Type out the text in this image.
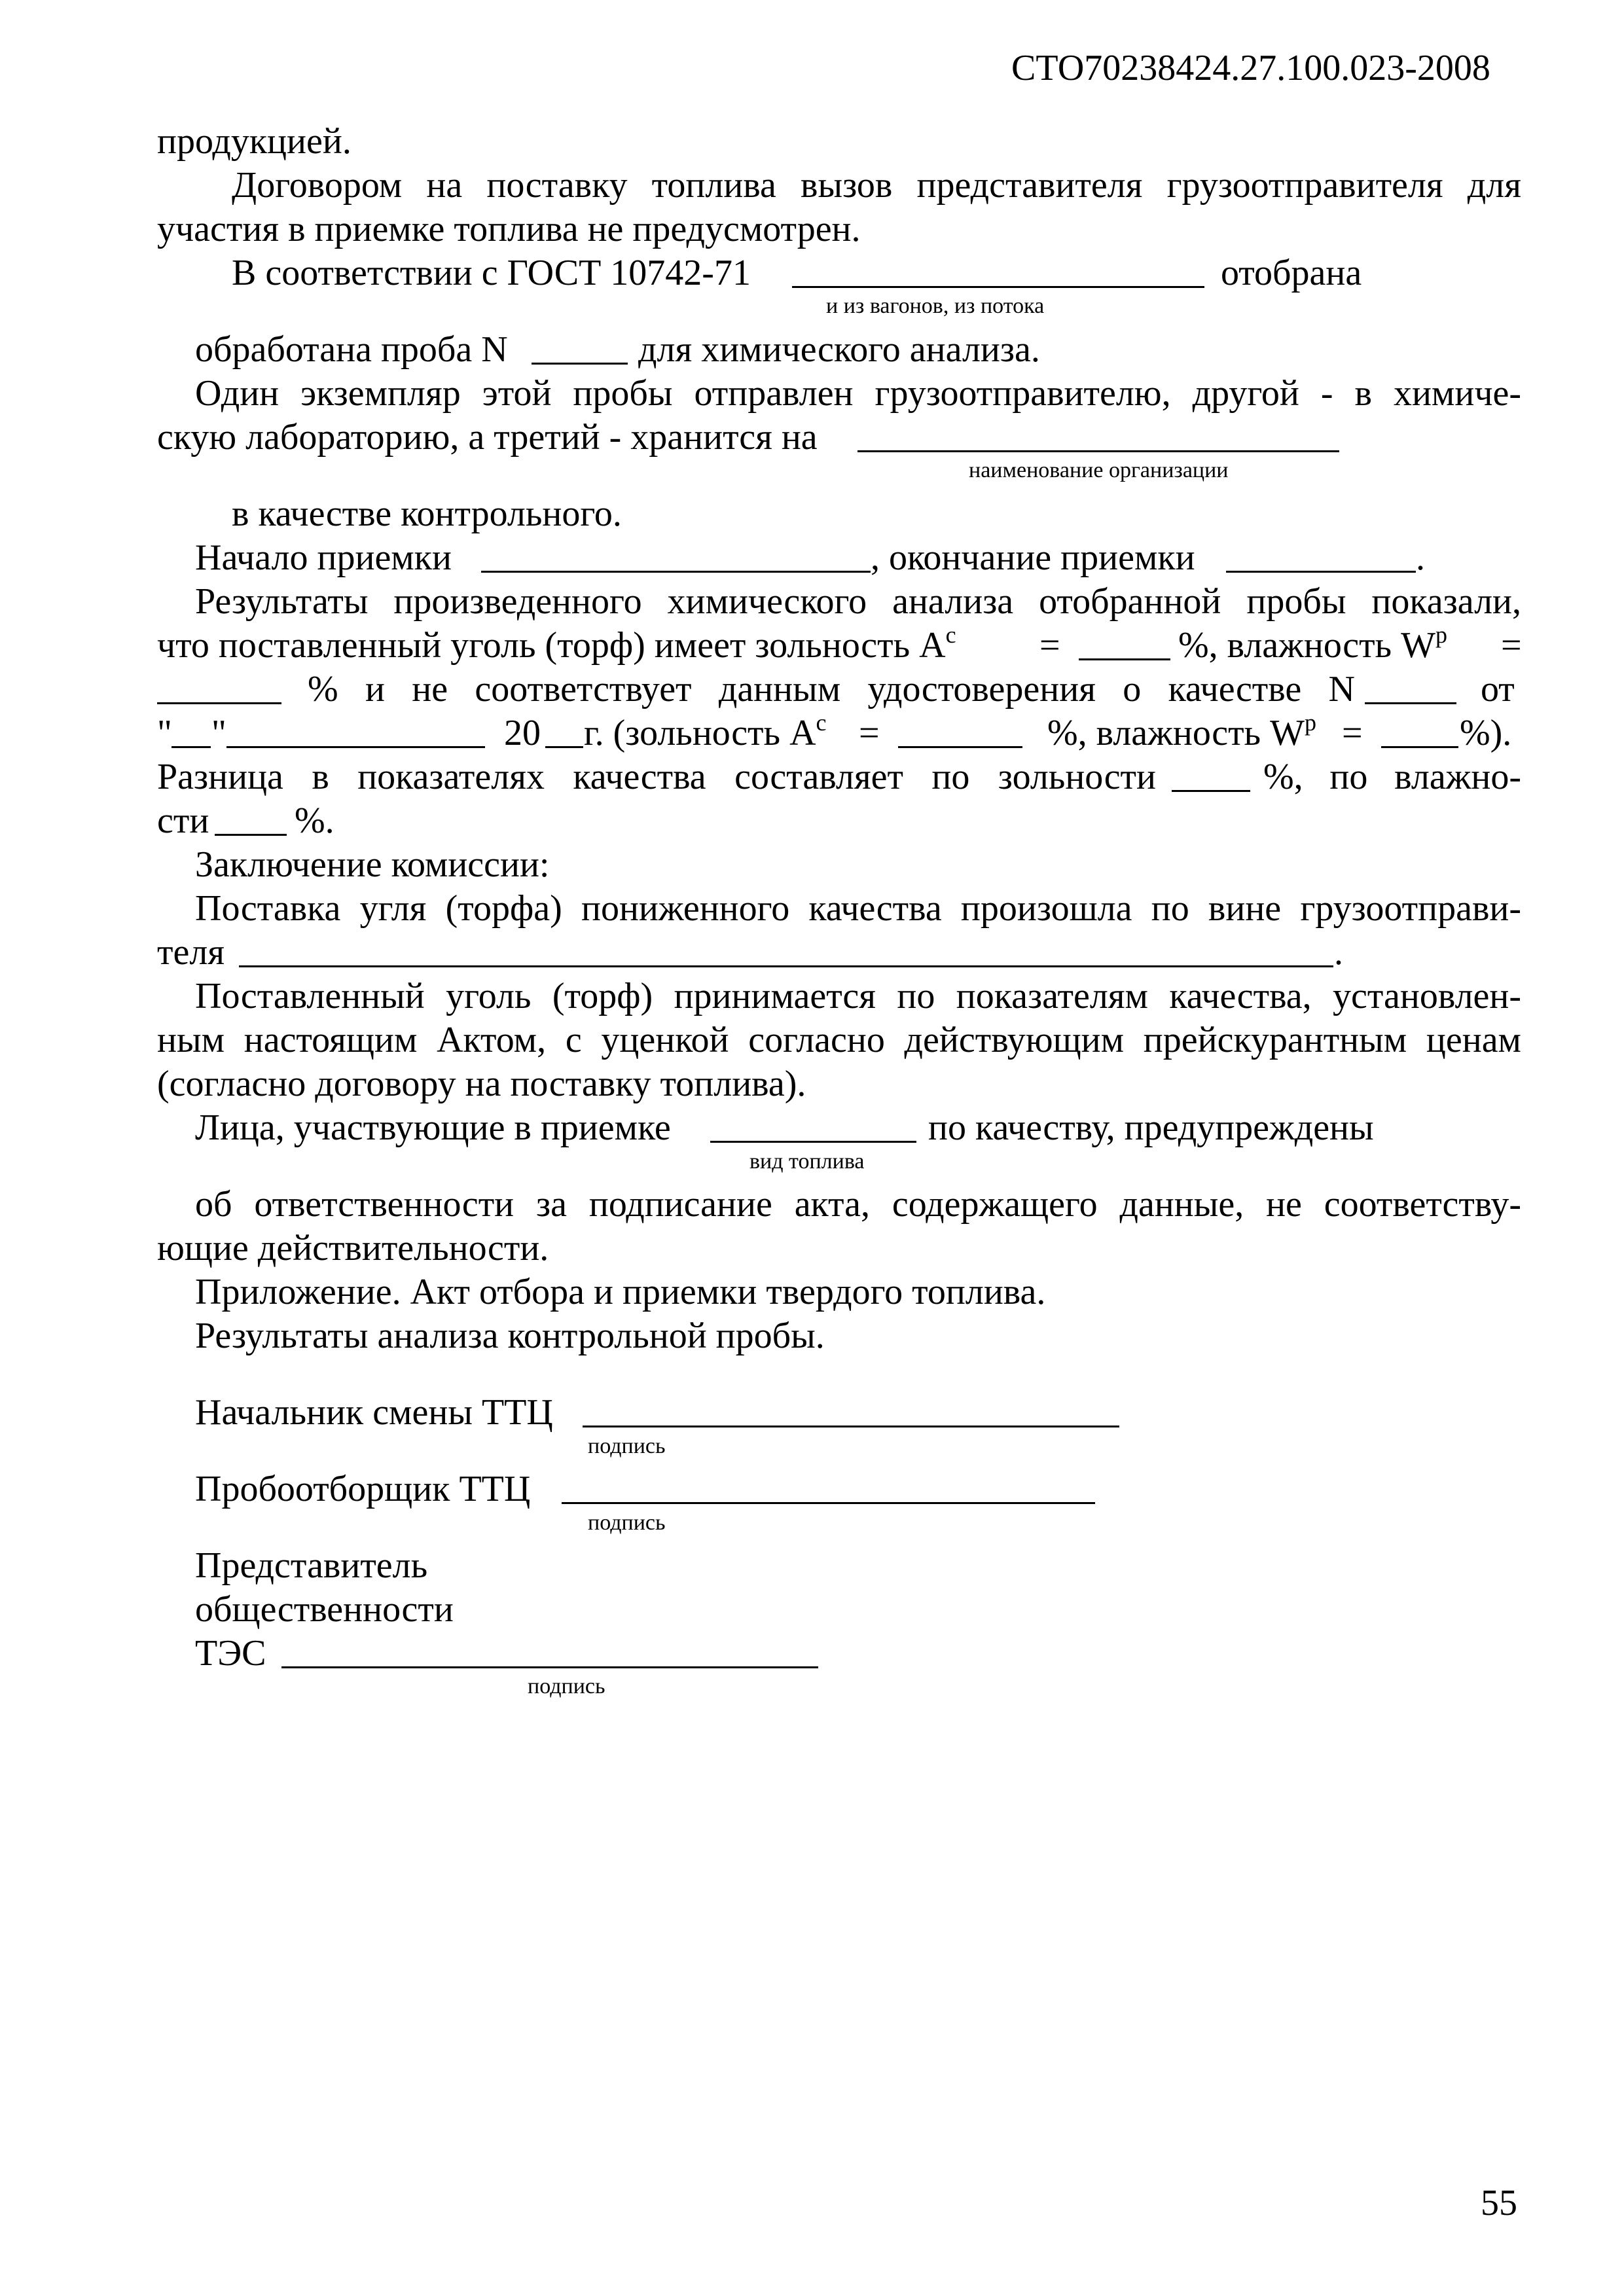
СТО70238424.27.100.023-2008
продукцией.
Договором на поставку топлива вызов представителя грузоотправителя для
участия в приемке топлива не предусмотрен.
В соответствии с ГОСТ 10742-71	отобрана
и из вагонов, из потока
обработана проба N	для химического анализа.
Один экземпляр этой пробы отправлен грузоотправителю, другой - в химиче-
скую лабораторию, а третий - хранится на
наименование организации
в качестве контрольного.
Начало приемки	, окончание приемки	.
Результаты произведенного химического анализа отобранной пробы показали,
что поставленный уголь (торф) имеет зольность $A^c$ =	%, влажность $W^p$ =
% и не соответствует данным удостоверения о качестве N	от
" "	20 г. (зольность $A^c$ =	%, влажность $W^p$ =	%).
Разница в показателях качества составляет по зольности	%, по влажно-
сти %.
Заключение комиссии:
Поставка угля (торфа) пониженного качества произошла по вине грузоотправи-
теля	.
Поставленный уголь (торф) принимается по показателям качества, установлен-
ным настоящим Актом, с уценкой согласно действующим прейскурантным ценам
(согласно договору на поставку топлива).
Лица, участвующие в приемке	по качеству, предупреждены
вид топлива
об ответственности за подписание акта, содержащего данные, не соответству-
ющие действительности.
Приложение. Акт отбора и приемки твердого топлива.
Результаты анализа контрольной пробы.
Начальник смены ТТЦ
подпись
Пробоотборщик ТТЦ
подпись
Представитель
общественности
ТЭС
подпись
55
